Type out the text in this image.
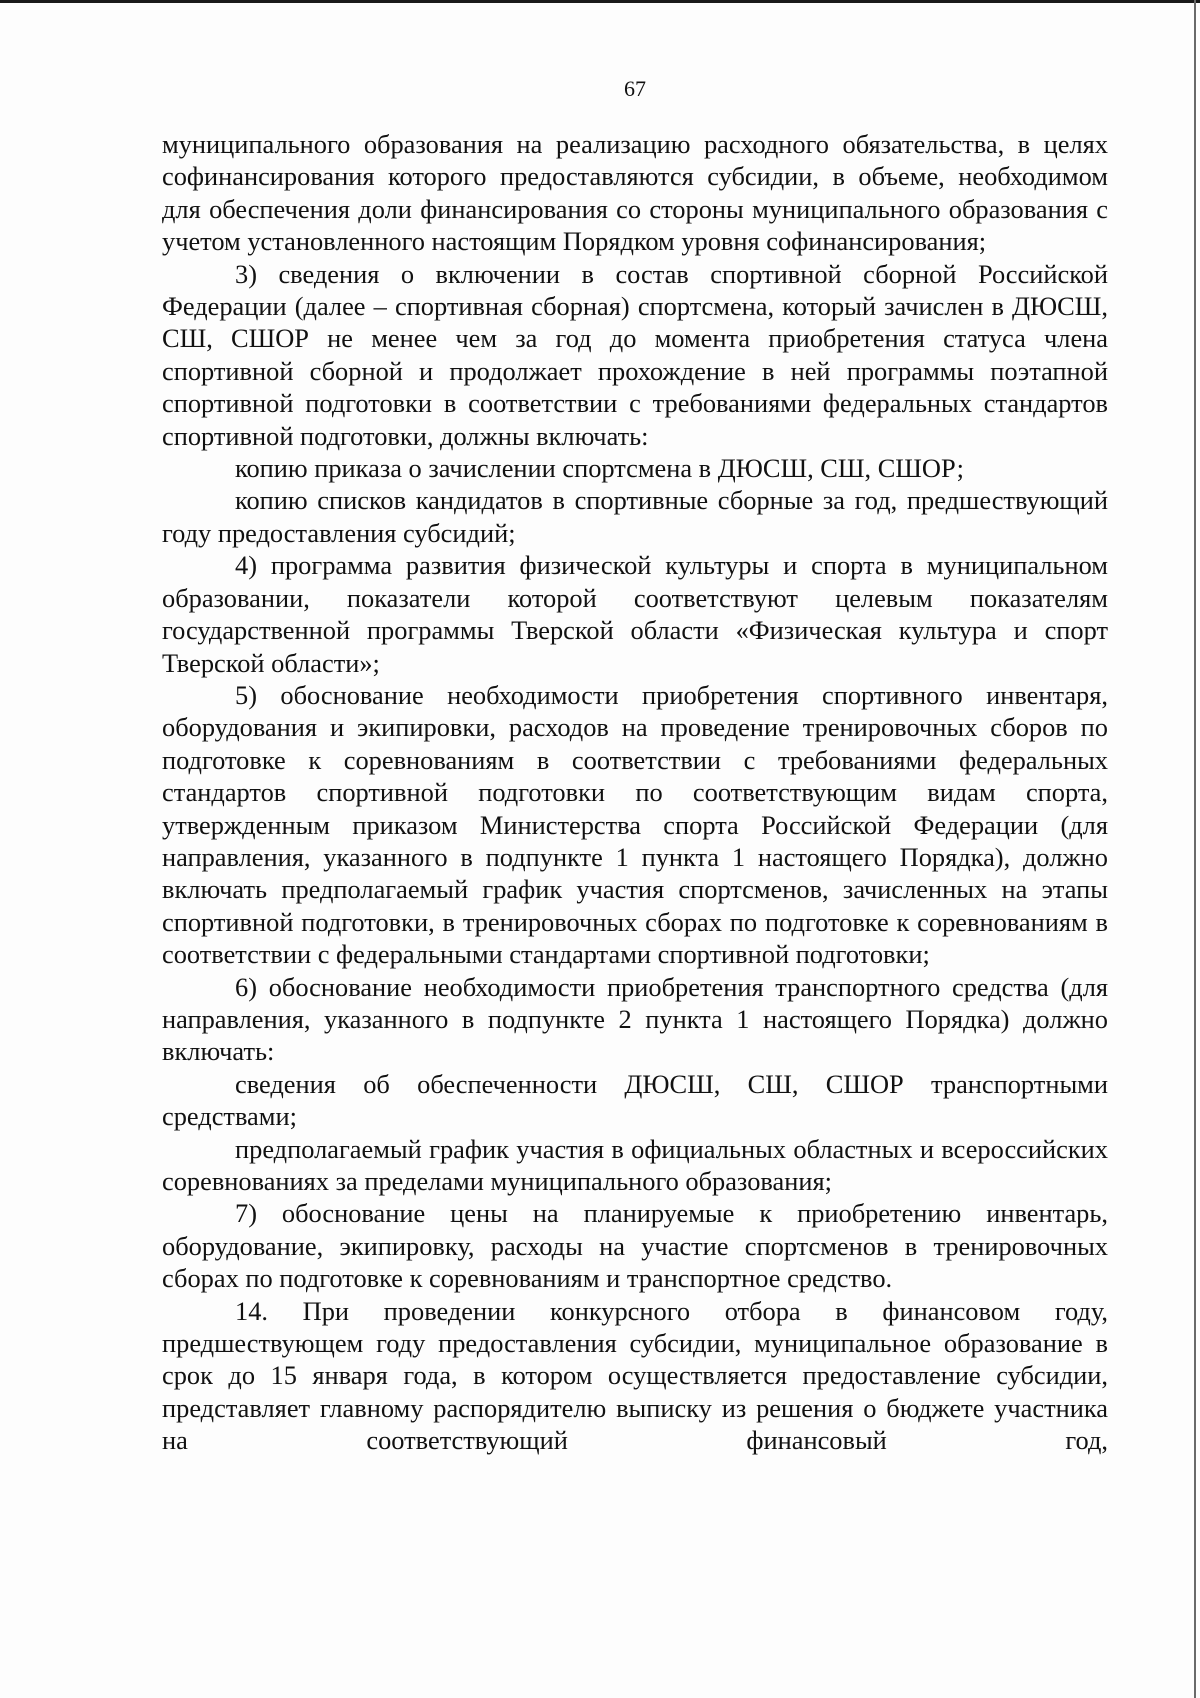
67

муниципального образования на реализацию расходного обязательства, в целях софинансирования которого предоставляются субсидии, в объеме, необходимом для обеспечения доли финансирования со стороны муниципального образования с учетом установленного настоящим Порядком уровня софинансирования;

3) сведения о включении в состав спортивной сборной Российской Федерации (далее – спортивная сборная) спортсмена, который зачислен в ДЮСШ, СШ, СШОР не менее чем за год до момента приобретения статуса члена спортивной сборной и продолжает прохождение в ней программы поэтапной спортивной подготовки в соответствии с требованиями федеральных стандартов спортивной подготовки, должны включать:

копию приказа о зачислении спортсмена в ДЮСШ, СШ, СШОР;

копию списков кандидатов в спортивные сборные за год, предшествующий году предоставления субсидий;

4) программа развития физической культуры и спорта в муниципальном образовании, показатели которой соответствуют целевым показателям государственной программы Тверской области «Физическая культура и спорт Тверской области»;

5) обоснование необходимости приобретения спортивного инвентаря, оборудования и экипировки, расходов на проведение тренировочных сборов по подготовке к соревнованиям в соответствии с требованиями федеральных стандартов спортивной подготовки по соответствующим видам спорта, утвержденным приказом Министерства спорта Российской Федерации (для направления, указанного в подпункте 1 пункта 1 настоящего Порядка), должно включать предполагаемый график участия спортсменов, зачисленных на этапы спортивной подготовки, в тренировочных сборах по подготовке к соревнованиям в соответствии с федеральными стандартами спортивной подготовки;

6) обоснование необходимости приобретения транспортного средства (для направления, указанного в подпункте 2 пункта 1 настоящего Порядка) должно включать:

сведения об обеспеченности ДЮСШ, СШ, СШОР транспортными средствами;

предполагаемый график участия в официальных областных и всероссийских соревнованиях за пределами муниципального образования;

7) обоснование цены на планируемые к приобретению инвентарь, оборудование, экипировку, расходы на участие спортсменов в тренировочных сборах по подготовке к соревнованиям и транспортное средство.

14. При проведении конкурсного отбора в финансовом году, предшествующем году предоставления субсидии, муниципальное образование в срок до 15 января года, в котором осуществляется предоставление субсидии, представляет главному распорядителю выписку из решения о бюджете участника на соответствующий финансовый год,
